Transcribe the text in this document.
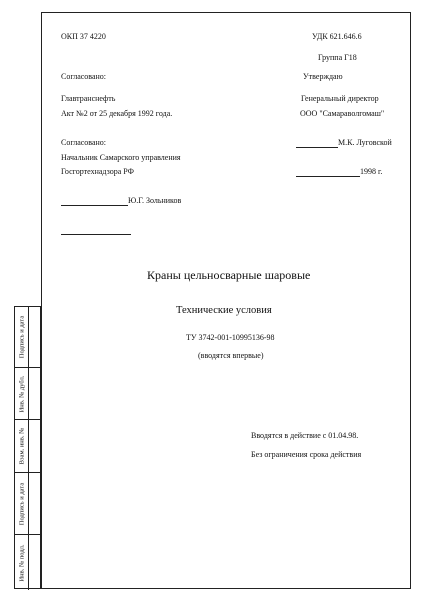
ОКП 37 4220	УДК 621.646.6
Группа Г18
Согласовано:
Главтранснефть
Акт №2 от 25 декабря 1992 года.
Утверждаю
Генеральный директор
ООО "Самараволгомаш"
М.К. Луговской
1998 г.
Согласовано:
Начальник Самарского управления
Госгортехнадзора РФ
Ю.Г. Зольников
Краны цельносварные шаровые
Технические условия
ТУ 3742-001-10995136-98
(вводятся впервые)
Вводятся в действие с 01.04.98.
Без ограничения срока действия
Подпись и дата
Инв. № дубл.
Взам. инв. №
Подпись и дата
Инв. № подл.
